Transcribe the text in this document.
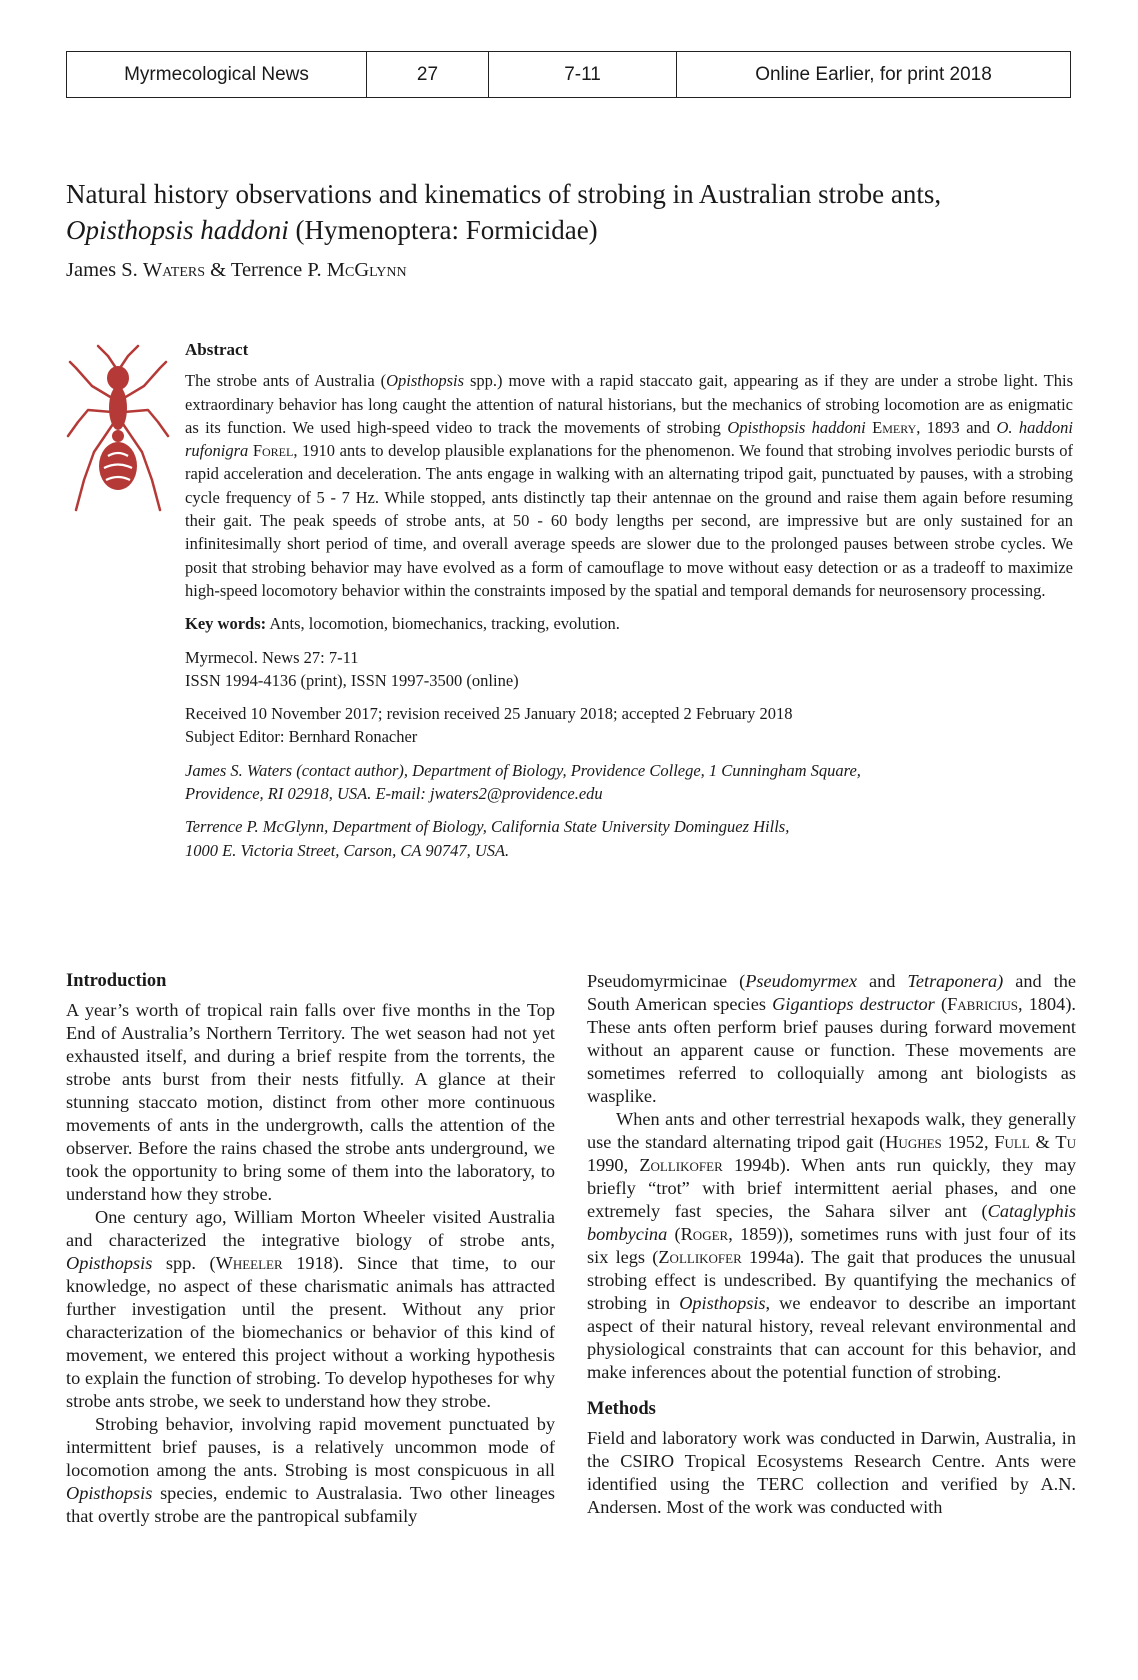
Myrmecological News	27	7-11	Online Earlier, for print 2018
Natural history observations and kinematics of strobing in Australian strobe ants,
Opisthopsis haddoni (Hymenoptera: Formicidae)
James S. Waters & Terrence P. McGlynn

Abstract

The strobe ants of Australia (Opisthopsis spp.) move with a rapid staccato gait, appearing as if they are under a strobe light. This extraordinary behavior has long caught the attention of natural historians, but the mechanics of strobing locomotion are as enigmatic as its function. We used high-speed video to track the movements of strobing Opisthopsis haddoni Emery, 1893 and O. haddoni rufonigra Forel, 1910 ants to develop plausible explanations for the phenomenon. We found that strobing involves periodic bursts of rapid acceleration and deceleration. The ants engage in walking with an alternating tripod gait, punctuated by pauses, with a strobing cycle frequency of 5 - 7 Hz. While stopped, ants distinctly tap their antennae on the ground and raise them again before resuming their gait. The peak speeds of strobe ants, at 50 - 60 body lengths per second, are impressive but are only sustained for an infinitesimally short period of time, and overall average speeds are slower due to the prolonged pauses between strobe cycles. We posit that strobing behavior may have evolved as a form of camouflage to move without easy detection or as a tradeoff to maximize high-speed locomotory behavior within the constraints imposed by the spatial and temporal demands for neurosensory processing.

Key words: Ants, locomotion, biomechanics, tracking, evolution.

Myrmecol. News 27: 7-11

ISSN 1994-4136 (print), ISSN 1997-3500 (online)

Received 10 November 2017; revision received 25 January 2018; accepted 2 February 2018

Subject Editor: Bernhard Ronacher

James S. Waters (contact author), Department of Biology, Providence College, 1 Cunningham Square,
Providence, RI 02918, USA. E-mail: jwaters2@providence.edu

Terrence P. McGlynn, Department of Biology, California State University Dominguez Hills,
1000 E. Victoria Street, Carson, CA 90747, USA.

Introduction

A year’s worth of tropical rain falls over five months in the Top End of Australia’s Northern Territory. The wet season had not yet exhausted itself, and during a brief respite from the torrents, the strobe ants burst from their nests fitfully. A glance at their stunning staccato motion, distinct from other more continuous movements of ants in the undergrowth, calls the attention of the observer. Before the rains chased the strobe ants underground, we took the opportunity to bring some of them into the laboratory, to understand how they strobe.

One century ago, William Morton Wheeler visited Australia and characterized the integrative biology of strobe ants, Opisthopsis spp. (Wheeler 1918). Since that time, to our knowledge, no aspect of these charismatic animals has attracted further investigation until the present. Without any prior characterization of the biomechanics or behavior of this kind of movement, we entered this project without a working hypothesis to explain the function of strobing. To develop hypotheses for why strobe ants strobe, we seek to understand how they strobe.

Strobing behavior, involving rapid movement punctuated by intermittent brief pauses, is a relatively uncommon mode of locomotion among the ants. Strobing is most conspicuous in all Opisthopsis species, endemic to Australasia. Two other lineages that overtly strobe are the pantropical subfamily

Pseudomyrmicinae (Pseudomyrmex and Tetraponera) and the South American species Gigantiops destructor (Fabricius, 1804). These ants often perform brief pauses during forward movement without an apparent cause or function. These movements are sometimes referred to colloquially among ant biologists as wasplike.

When ants and other terrestrial hexapods walk, they generally use the standard alternating tripod gait (Hughes 1952, Full & Tu 1990, Zollikofer 1994b). When ants run quickly, they may briefly “trot” with brief intermittent aerial phases, and one extremely fast species, the Sahara silver ant (Cataglyphis bombycina (Roger, 1859)), sometimes runs with just four of its six legs (Zollikofer 1994a). The gait that produces the unusual strobing effect is undescribed. By quantifying the mechanics of strobing in Opisthopsis, we endeavor to describe an important aspect of their natural history, reveal relevant environmental and physiological constraints that can account for this behavior, and make inferences about the potential function of strobing.

Methods

Field and laboratory work was conducted in Darwin, Australia, in the CSIRO Tropical Ecosystems Research Centre. Ants were identified using the TERC collection and verified by A.N. Andersen. Most of the work was conducted with
